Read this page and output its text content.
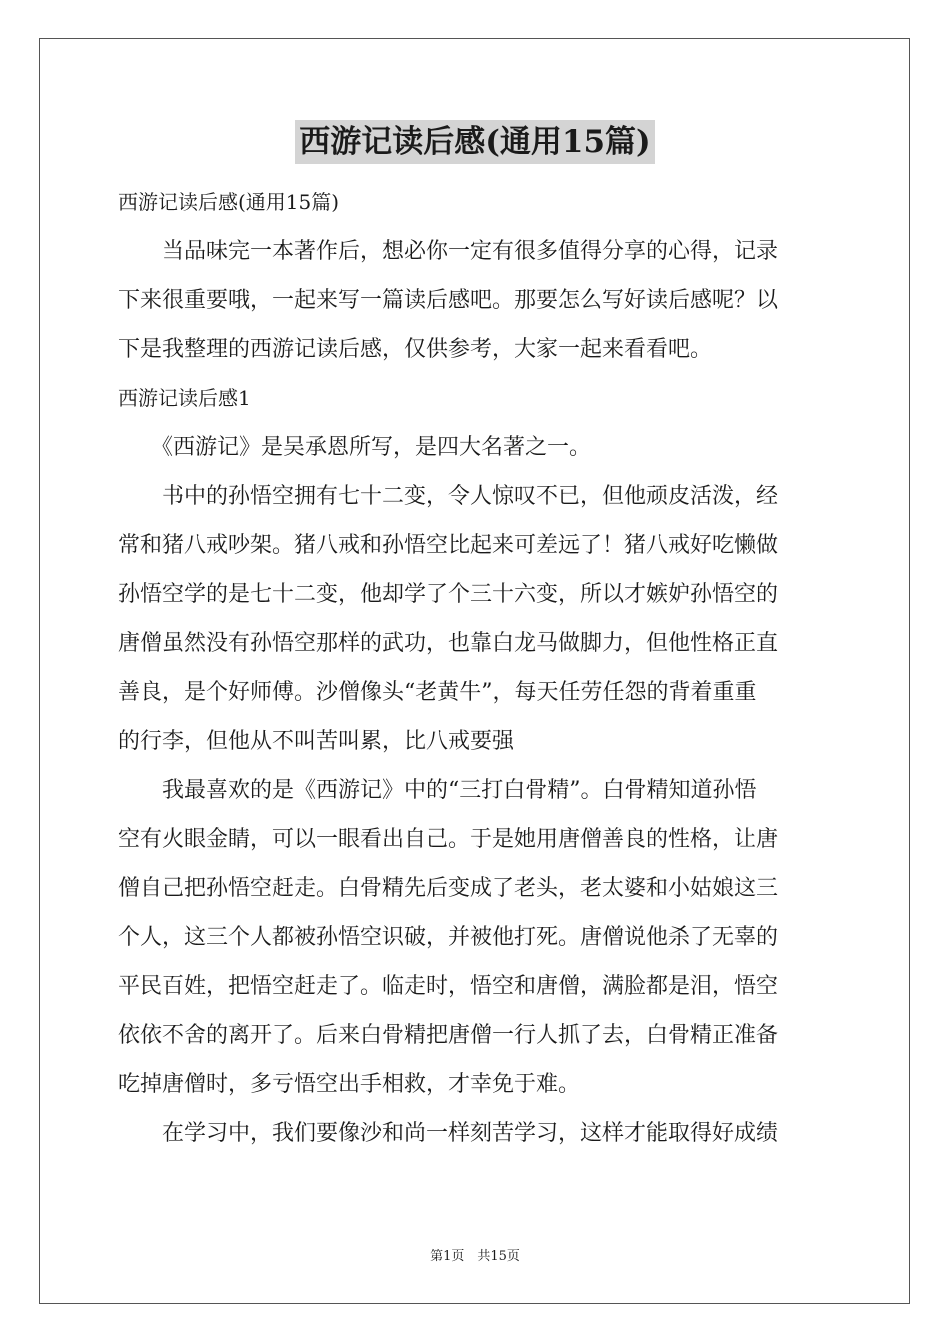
西游记读后感(通用15篇)
西游记读后感(通用15篇)
　　当品味完一本著作后，想必你一定有很多值得分享的心得，记录
下来很重要哦，一起来写一篇读后感吧。那要怎么写好读后感呢？以
下是我整理的西游记读后感，仅供参考，大家一起来看看吧。
西游记读后感1
　　《西游记》是吴承恩所写，是四大名著之一。
　　书中的孙悟空拥有七十二变，令人惊叹不已，但他顽皮活泼，经
常和猪八戒吵架。猪八戒和孙悟空比起来可差远了！猪八戒好吃懒做
孙悟空学的是七十二变，他却学了个三十六变，所以才嫉妒孙悟空的
唐僧虽然没有孙悟空那样的武功，也靠白龙马做脚力，但他性格正直
善良，是个好师傅。沙僧像头“老黄牛”，每天任劳任怨的背着重重
的行李，但他从不叫苦叫累，比八戒要强
　　我最喜欢的是《西游记》中的“三打白骨精”。白骨精知道孙悟
空有火眼金睛，可以一眼看出自己。于是她用唐僧善良的性格，让唐
僧自己把孙悟空赶走。白骨精先后变成了老头，老太婆和小姑娘这三
个人，这三个人都被孙悟空识破，并被他打死。唐僧说他杀了无辜的
平民百姓，把悟空赶走了。临走时，悟空和唐僧，满脸都是泪，悟空
依依不舍的离开了。后来白骨精把唐僧一行人抓了去，白骨精正准备
吃掉唐僧时，多亏悟空出手相救，才幸免于难。
　　在学习中，我们要像沙和尚一样刻苦学习，这样才能取得好成绩
第1页　共15页
